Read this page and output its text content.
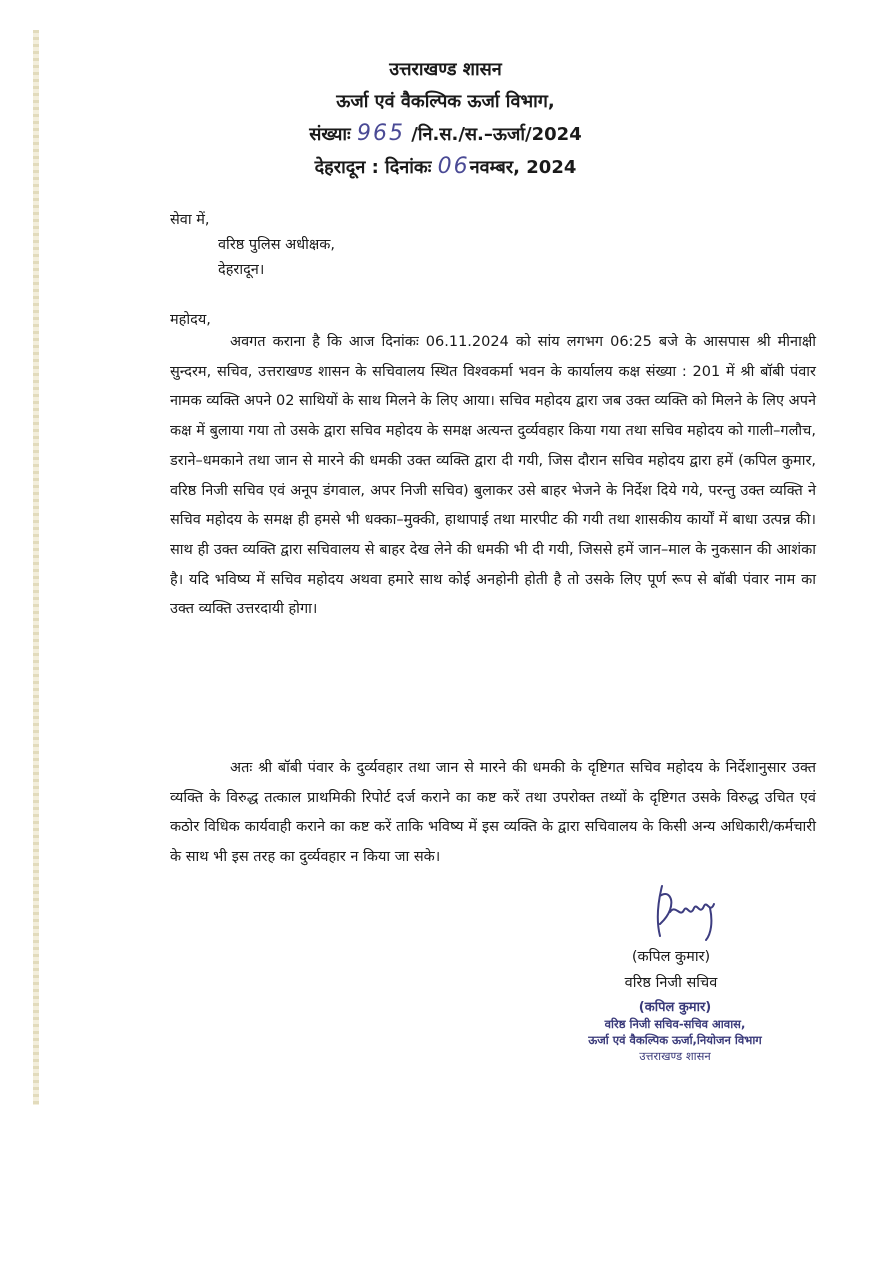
उत्तराखण्ड शासन
ऊर्जा एवं वैकल्पिक ऊर्जा विभाग,
संख्याः 965 /नि.स./स.–ऊर्जा/2024
देहरादून : दिनांकः 06नवम्बर, 2024
सेवा में,
वरिष्ठ पुलिस अधीक्षक,
देहरादून।
महोदय,

अवगत कराना है कि आज दिनांकः 06.11.2024 को सांय लगभग 06:25 बजे के आसपास श्री मीनाक्षी सुन्दरम, सचिव, उत्तराखण्ड शासन के सचिवालय स्थित विश्वकर्मा भवन के कार्यालय कक्ष संख्या : 201 में श्री बॉबी पंवार नामक व्यक्ति अपने 02 साथियों के साथ मिलने के लिए आया। सचिव महोदय द्वारा जब उक्त व्यक्ति को मिलने के लिए अपने कक्ष में बुलाया गया तो उसके द्वारा सचिव महोदय के समक्ष अत्यन्त दुर्व्यवहार किया गया तथा सचिव महोदय को गाली–गलौच, डराने–धमकाने तथा जान से मारने की धमकी उक्त व्यक्ति द्वारा दी गयी, जिस दौरान सचिव महोदय द्वारा हमें (कपिल कुमार, वरिष्ठ निजी सचिव एवं अनूप डंगवाल, अपर निजी सचिव) बुलाकर उसे बाहर भेजने के निर्देश दिये गये, परन्तु उक्त व्यक्ति ने सचिव महोदय के समक्ष ही हमसे भी धक्का–मुक्की, हाथापाई तथा मारपीट की गयी तथा शासकीय कार्यों में बाधा उत्पन्न की। साथ ही उक्त व्यक्ति द्वारा सचिवालय से बाहर देख लेने की धमकी भी दी गयी, जिससे हमें जान–माल के नुकसान की आशंका है। यदि भविष्य में सचिव महोदय अथवा हमारे साथ कोई अनहोनी होती है तो उसके लिए पूर्ण रूप से बॉबी पंवार नाम का उक्त व्यक्ति उत्तरदायी होगा।

अतः श्री बॉबी पंवार के दुर्व्यवहार तथा जान से मारने की धमकी के दृष्टिगत सचिव महोदय के निर्देशानुसार उक्त व्यक्ति के विरुद्ध तत्काल प्राथमिकी रिपोर्ट दर्ज कराने का कष्ट करें तथा उपरोक्त तथ्यों के दृष्टिगत उसके विरुद्ध उचित एवं कठोर विधिक कार्यवाही कराने का कष्ट करें ताकि भविष्य में इस व्यक्ति के द्वारा सचिवालय के किसी अन्य अधिकारी/कर्मचारी के साथ भी इस तरह का दुर्व्यवहार न किया जा सके।

(कपिल कुमार)
वरिष्ठ निजी सचिव
(कपिल कुमार)
वरिष्ठ निजी सचिव-सचिव आवास,
ऊर्जा एवं वैकल्पिक ऊर्जा,नियोजन विभाग
उत्तराखण्ड शासन
